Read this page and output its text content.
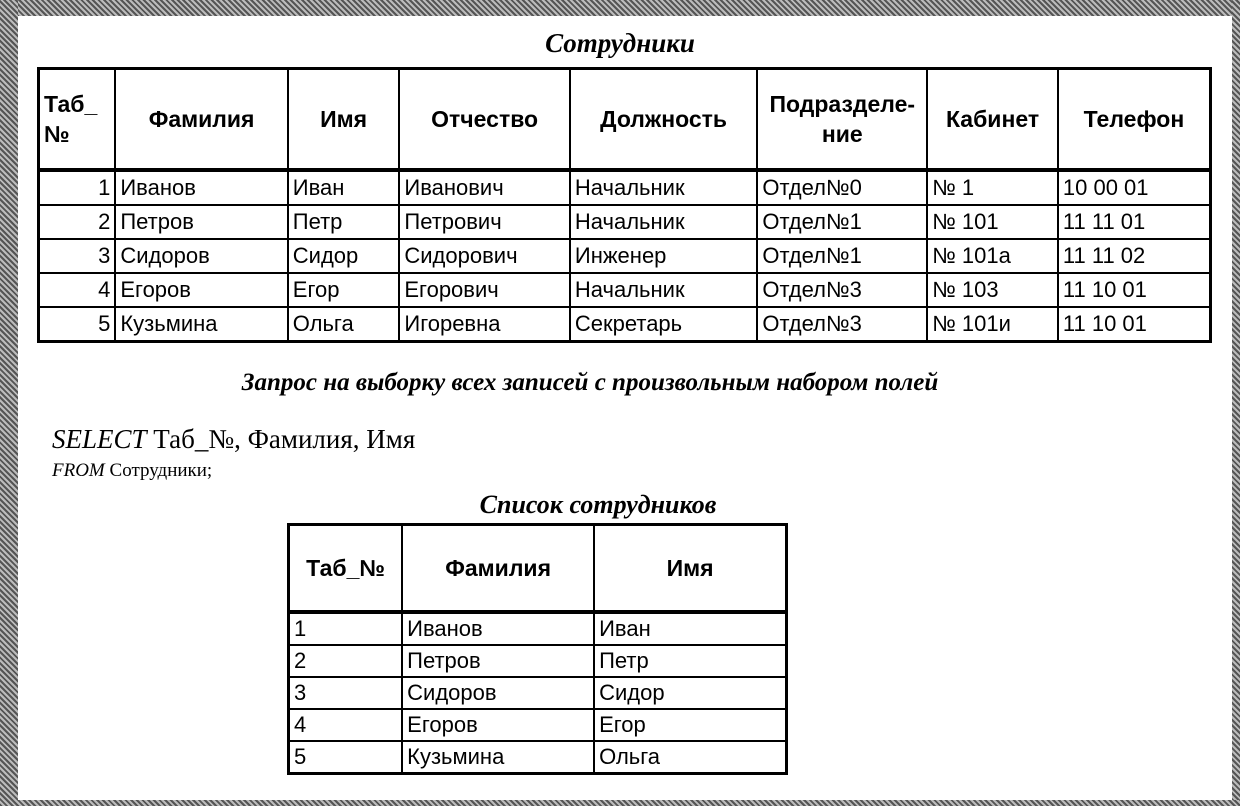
Сотрудники
Таб_ №	Фамилия	Имя	Отчество	Должность	Подразделе- ние	Кабинет	Телефон
1	Иванов	Иван	Иванович	Начальник	Отдел№0	№ 1	10 00 01
2	Петров	Петр	Петрович	Начальник	Отдел№1	№ 101	11 11 01
3	Сидоров	Сидор	Сидорович	Инженер	Отдел№1	№ 101а	11 11 02
4	Егоров	Егор	Егорович	Начальник	Отдел№3	№ 103	11 10 01
5	Кузьмина	Ольга	Игоревна	Секретарь	Отдел№3	№ 101и	11 10 01
Запрос на выборку всех записей с произвольным набором полей
SELECT Таб_№, Фамилия, Имя
FROM Сотрудники;
Список сотрудников
Таб_№	Фамилия	Имя
1	Иванов	Иван
2	Петров	Петр
3	Сидоров	Сидор
4	Егоров	Егор
5	Кузьмина	Ольга
